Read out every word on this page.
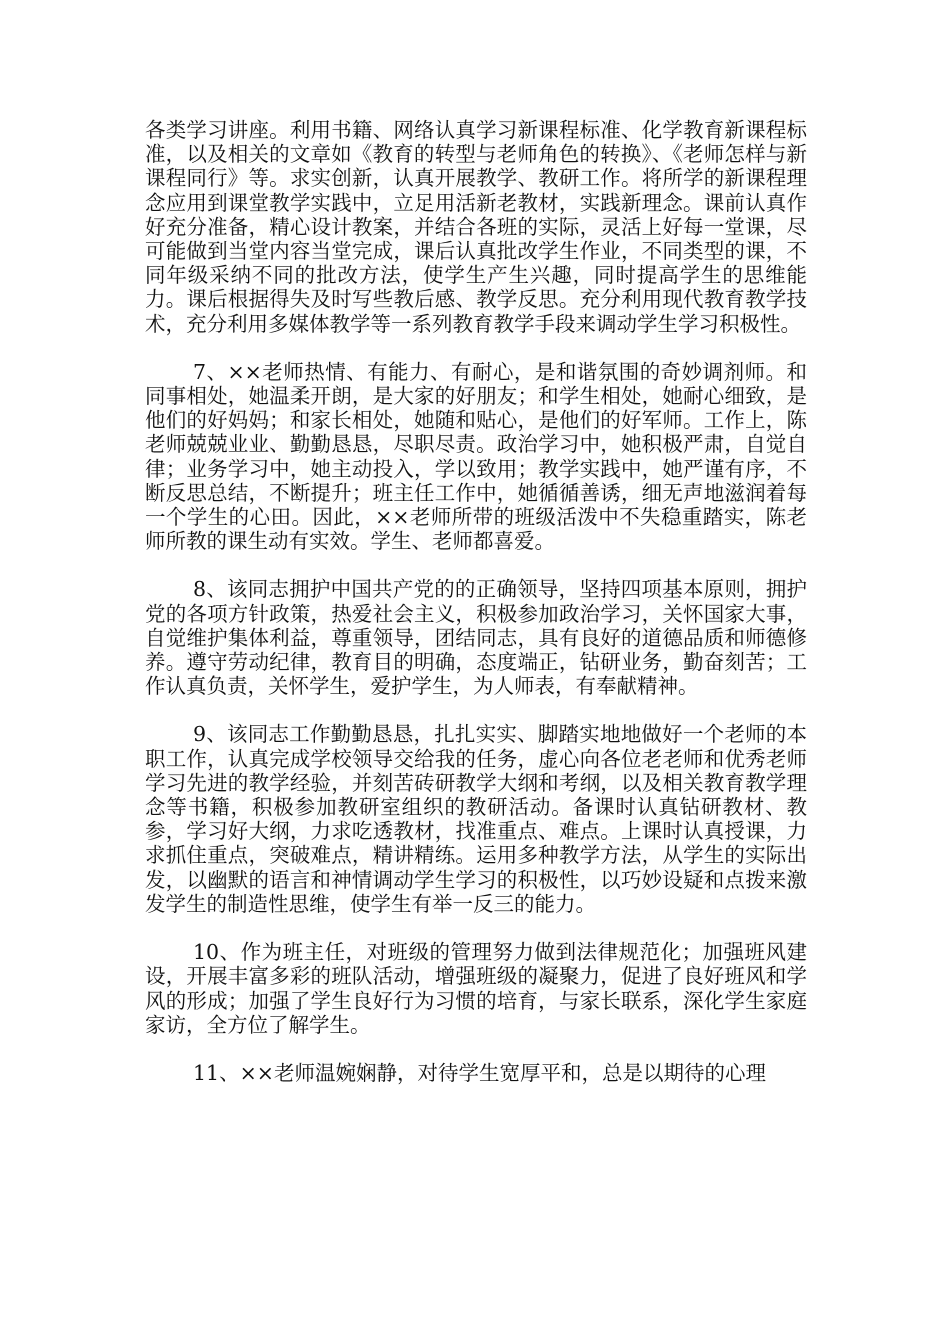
各类学习讲座。利用书籍、网络认真学习新课程标准、化学教育新课程标准，以及相关的文章如《教育的转型与老师角色的转换》、《老师怎样与新课程同行》等。求实创新，认真开展教学、教研工作。将所学的新课程理念应用到课堂教学实践中，立足用活新老教材，实践新理念。课前认真作好充分准备，精心设计教案，并结合各班的实际，灵活上好每一堂课，尽可能做到当堂内容当堂完成，课后认真批改学生作业，不同类型的课，不同年级采纳不同的批改方法，使学生产生兴趣，同时提高学生的思维能力。课后根据得失及时写些教后感、教学反思。充分利用现代教育教学技术，充分利用多媒体教学等一系列教育教学手段来调动学生学习积极性。

7、××老师热情、有能力、有耐心，是和谐氛围的奇妙调剂师。和同事相处，她温柔开朗，是大家的好朋友；和学生相处，她耐心细致，是他们的好妈妈；和家长相处，她随和贴心，是他们的好军师。工作上，陈老师兢兢业业、勤勤恳恳，尽职尽责。政治学习中，她积极严肃，自觉自律；业务学习中，她主动投入，学以致用；教学实践中，她严谨有序，不断反思总结，不断提升；班主任工作中，她循循善诱，细无声地滋润着每一个学生的心田。因此，××老师所带的班级活泼中不失稳重踏实，陈老师所教的课生动有实效。学生、老师都喜爱。

8、该同志拥护中国共产党的的正确领导，坚持四项基本原则，拥护党的各项方针政策，热爱社会主义，积极参加政治学习，关怀国家大事，自觉维护集体利益，尊重领导，团结同志，具有良好的道德品质和师德修养。遵守劳动纪律，教育目的明确，态度端正，钻研业务，勤奋刻苦；工作认真负责，关怀学生，爱护学生，为人师表，有奉献精神。

9、该同志工作勤勤恳恳，扎扎实实、脚踏实地地做好一个老师的本职工作，认真完成学校领导交给我的任务，虚心向各位老老师和优秀老师学习先进的教学经验，并刻苦砖研教学大纲和考纲，以及相关教育教学理念等书籍，积极参加教研室组织的教研活动。备课时认真钻研教材、教参，学习好大纲，力求吃透教材，找准重点、难点。上课时认真授课，力求抓住重点，突破难点，精讲精练。运用多种教学方法，从学生的实际出发，以幽默的语言和神情调动学生学习的积极性，以巧妙设疑和点拨来激发学生的制造性思维，使学生有举一反三的能力。

10、作为班主任，对班级的管理努力做到法律规范化；加强班风建设，开展丰富多彩的班队活动，增强班级的凝聚力，促进了良好班风和学风的形成；加强了学生良好行为习惯的培育，与家长联系，深化学生家庭家访，全方位了解学生。

11、××老师温婉娴静，对待学生宽厚平和，总是以期待的心理
